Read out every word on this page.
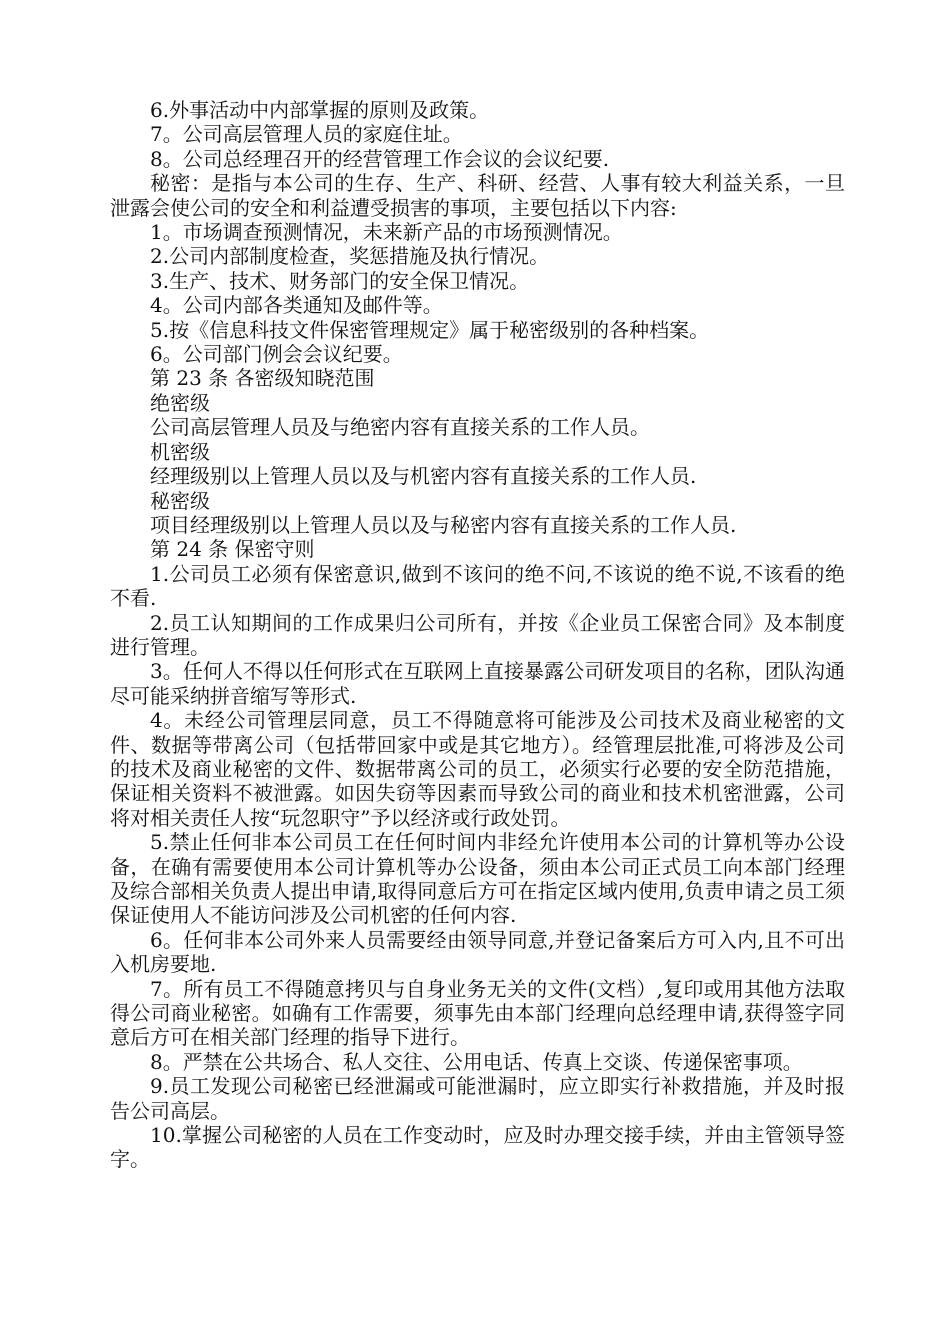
6.外事活动中内部掌握的原则及政策。

7。公司高层管理人员的家庭住址。

8。公司总经理召开的经营管理工作会议的会议纪要.

秘密：是指与本公司的生存、生产、科研、经营、人事有较大利益关系，一旦泄露会使公司的安全和利益遭受损害的事项，主要包括以下内容:

1。市场调查预测情况，未来新产品的市场预测情况。

2.公司内部制度检查，奖惩措施及执行情况。

3.生产、技术、财务部门的安全保卫情况。

4。公司内部各类通知及邮件等。

5.按《信息科技文件保密管理规定》属于秘密级别的各种档案。

6。公司部门例会会议纪要。

第 23 条 各密级知晓范围

绝密级

公司高层管理人员及与绝密内容有直接关系的工作人员。

机密级

经理级别以上管理人员以及与机密内容有直接关系的工作人员.

秘密级

项目经理级别以上管理人员以及与秘密内容有直接关系的工作人员.

第 24 条 保密守则

1.公司员工必须有保密意识,做到不该问的绝不问,不该说的绝不说,不该看的绝不看.

2.员工认知期间的工作成果归公司所有，并按《企业员工保密合同》及本制度进行管理。

3。任何人不得以任何形式在互联网上直接暴露公司研发项目的名称，团队沟通尽可能采纳拼音缩写等形式.

4。未经公司管理层同意，员工不得随意将可能涉及公司技术及商业秘密的文件、数据等带离公司（包括带回家中或是其它地方）。经管理层批准,可将涉及公司的技术及商业秘密的文件、数据带离公司的员工，必须实行必要的安全防范措施，保证相关资料不被泄露。如因失窃等因素而导致公司的商业和技术机密泄露，公司将对相关责任人按“玩忽职守”予以经济或行政处罚。

5.禁止任何非本公司员工在任何时间内非经允许使用本公司的计算机等办公设备，在确有需要使用本公司计算机等办公设备，须由本公司正式员工向本部门经理及综合部相关负责人提出申请,取得同意后方可在指定区域内使用,负责申请之员工须保证使用人不能访问涉及公司机密的任何内容.

6。任何非本公司外来人员需要经由领导同意,并登记备案后方可入内,且不可出入机房要地.

7。所有员工不得随意拷贝与自身业务无关的文件(文档）,复印或用其他方法取得公司商业秘密。如确有工作需要，须事先由本部门经理向总经理申请,获得签字同意后方可在相关部门经理的指导下进行。

8。严禁在公共场合、私人交往、公用电话、传真上交谈、传递保密事项。

9.员工发现公司秘密已经泄漏或可能泄漏时，应立即实行补救措施，并及时报告公司高层。

10.掌握公司秘密的人员在工作变动时，应及时办理交接手续，并由主管领导签字。
